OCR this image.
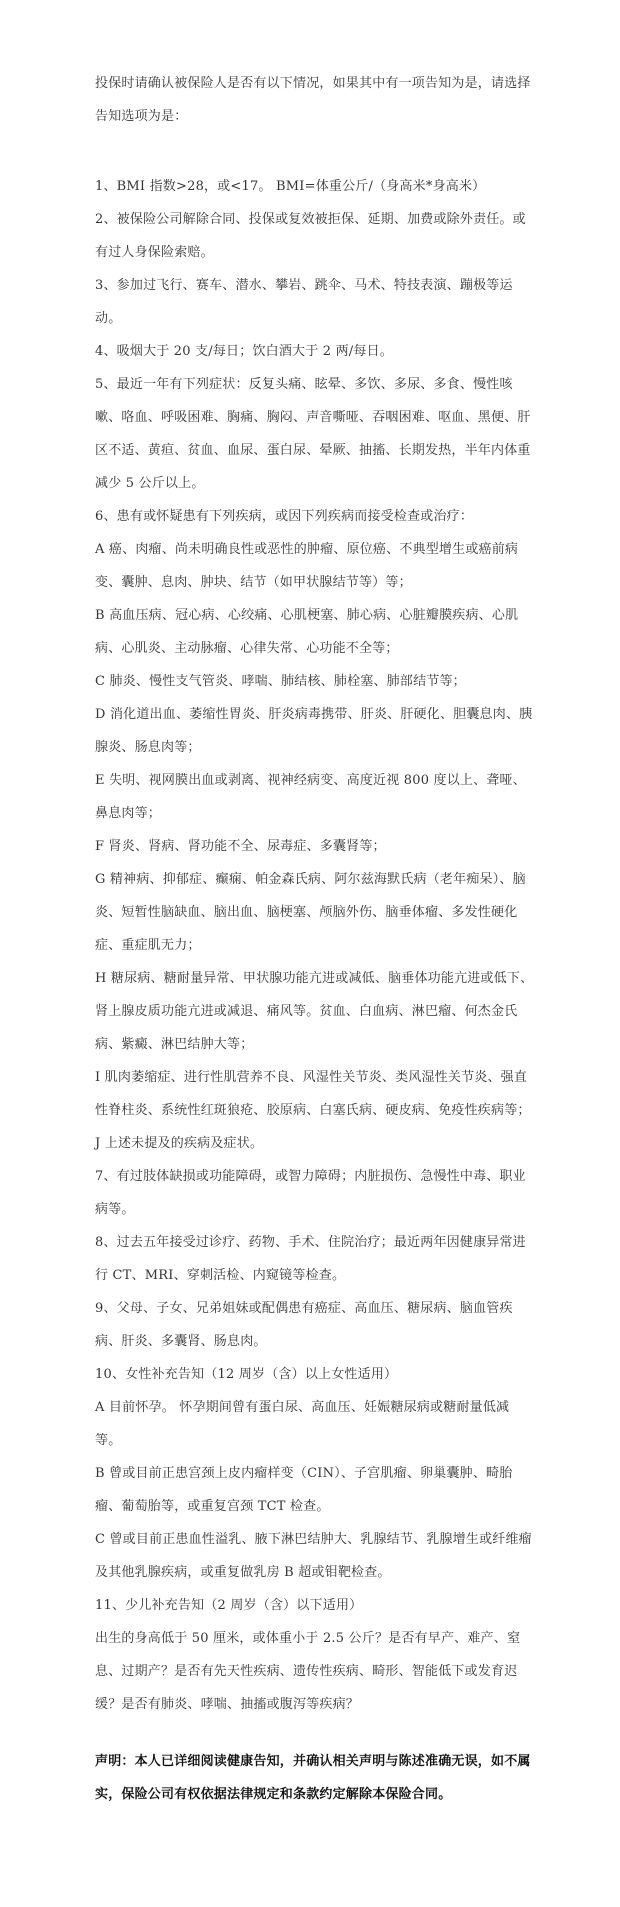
投保时请确认被保险人是否有以下情况，如果其中有一项告知为是，请选择告知选项为是：

1、BMI 指数>28，或<17。 BMI=体重公斤/（身高米*身高米）

2、被保险公司解除合同、投保或复效被拒保、延期、加费或除外责任。或有过人身保险索赔。

3、参加过飞行、赛车、潜水、攀岩、跳伞、马术、特技表演、蹦极等运动。

4、吸烟大于 20 支/每日；饮白酒大于 2 两/每日。

5、最近一年有下列症状：反复头痛、眩晕、多饮、多尿、多食、慢性咳嗽、咯血、呼吸困难、胸痛、胸闷、声音嘶哑、吞咽困难、呕血、黑便、肝区不适、黄疸、贫血、血尿、蛋白尿、晕厥、抽搐、长期发热，半年内体重减少 5 公斤以上。

6、患有或怀疑患有下列疾病，或因下列疾病而接受检查或治疗：

A 癌、肉瘤、尚未明确良性或恶性的肿瘤、原位癌、不典型增生或癌前病变、囊肿、息肉、肿块、结节（如甲状腺结节等）等；

B 高血压病、冠心病、心绞痛、心肌梗塞、肺心病、心脏瓣膜疾病、心肌病、心肌炎、主动脉瘤、心律失常、心功能不全等；

C 肺炎、慢性支气管炎、哮喘、肺结核、肺栓塞、肺部结节等；

D 消化道出血、萎缩性胃炎、肝炎病毒携带、肝炎、肝硬化、胆囊息肉、胰腺炎、肠息肉等；

E 失明、视网膜出血或剥离、视神经病变、高度近视 800 度以上、聋哑、鼻息肉等；

F 肾炎、肾病、肾功能不全、尿毒症、多囊肾等；

G 精神病、抑郁症、癫痫、帕金森氏病、阿尔兹海默氏病（老年痴呆）、脑炎、短暂性脑缺血、脑出血、脑梗塞、颅脑外伤、脑垂体瘤、多发性硬化症、重症肌无力；

H 糖尿病、糖耐量异常、甲状腺功能亢进或减低、脑垂体功能亢进或低下、肾上腺皮质功能亢进或减退、痛风等。贫血、白血病、淋巴瘤、何杰金氏病、紫癜、淋巴结肿大等；

I 肌肉萎缩症、进行性肌营养不良、风湿性关节炎、类风湿性关节炎、强直性脊柱炎、系统性红斑狼疮、胶原病、白塞氏病、硬皮病、免疫性疾病等；

J 上述未提及的疾病及症状。

7、有过肢体缺损或功能障碍，或智力障碍；内脏损伤、急慢性中毒、职业病等。

8、过去五年接受过诊疗、药物、手术、住院治疗；最近两年因健康异常进行 CT、MRI、穿刺活检、内窥镜等检查。

9、父母、子女、兄弟姐妹或配偶患有癌症、高血压、糖尿病、脑血管疾病、肝炎、多囊肾、肠息肉。

10、女性补充告知（12 周岁（含）以上女性适用）

A 目前怀孕。 怀孕期间曾有蛋白尿、高血压、妊娠糖尿病或糖耐量低减等。

B 曾或目前正患宫颈上皮内瘤样变（CIN）、子宫肌瘤、卵巢囊肿、畸胎瘤、葡萄胎等，或重复宫颈 TCT 检查。

C 曾或目前正患血性溢乳、腋下淋巴结肿大、乳腺结节、乳腺增生或纤维瘤及其他乳腺疾病，或重复做乳房 B 超或钼靶检查。

11、少儿补充告知（2 周岁（含）以下适用）

出生的身高低于 50 厘米，或体重小于 2.5 公斤？是否有早产、难产、窒息、过期产？是否有先天性疾病、遗传性疾病、畸形、智能低下或发育迟缓？是否有肺炎、哮喘、抽搐或腹泻等疾病？

声明：本人已详细阅读健康告知，并确认相关声明与陈述准确无误，如不属实，保险公司有权依据法律规定和条款约定解除本保险合同。
